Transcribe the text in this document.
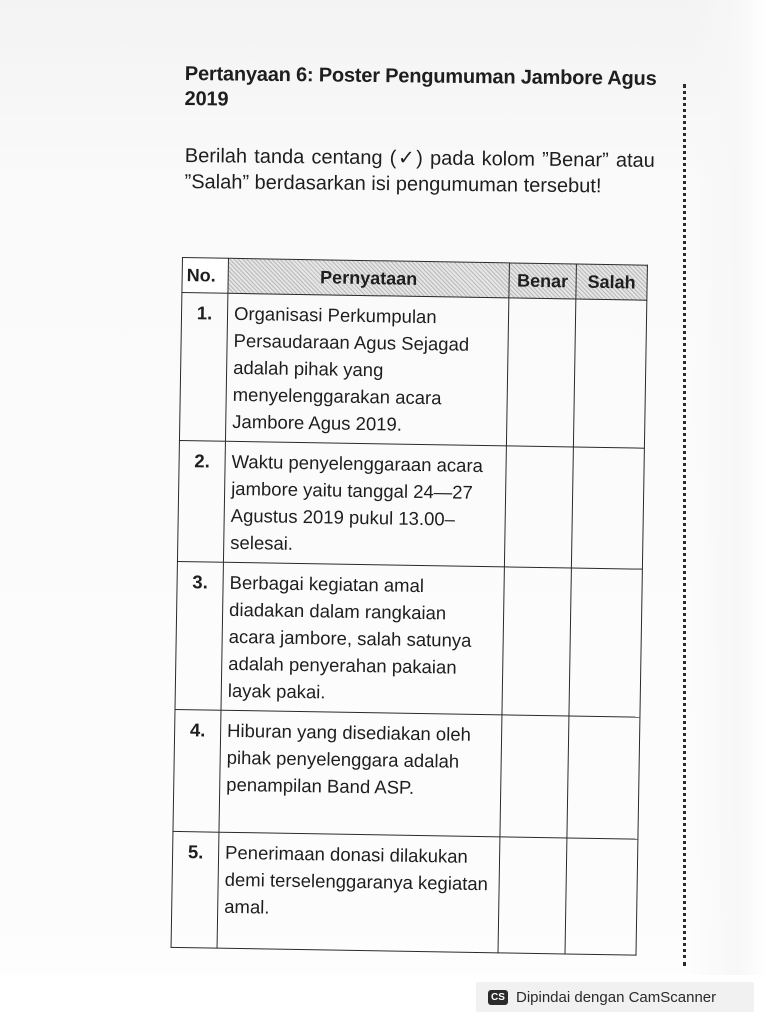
Pertanyaan 6: Poster Pengumuman Jambore Agus 2019
Berilah tanda centang (✓) pada kolom ”Benar” atau ”Salah” berdasarkan isi pengumuman tersebut!
No.	Pernyataan	Benar	Salah
1.	Organisasi Perkumpulan Persaudaraan Agus Sejagad adalah pihak yang menyelenggarakan acara Jambore Agus 2019.		
2.	Waktu penyelenggaraan acara jambore yaitu tanggal 24—27 Agustus 2019 pukul 13.00–selesai.		
3.	Berbagai kegiatan amal diadakan dalam rangkaian acara jambore, salah satunya adalah penyerahan pakaian layak pakai.		
4.	Hiburan yang disediakan oleh pihak penyelenggara adalah penampilan Band ASP.		
5.	Penerimaan donasi dilakukan demi terselenggaranya kegiatan amal.		
CS Dipindai dengan CamScanner
